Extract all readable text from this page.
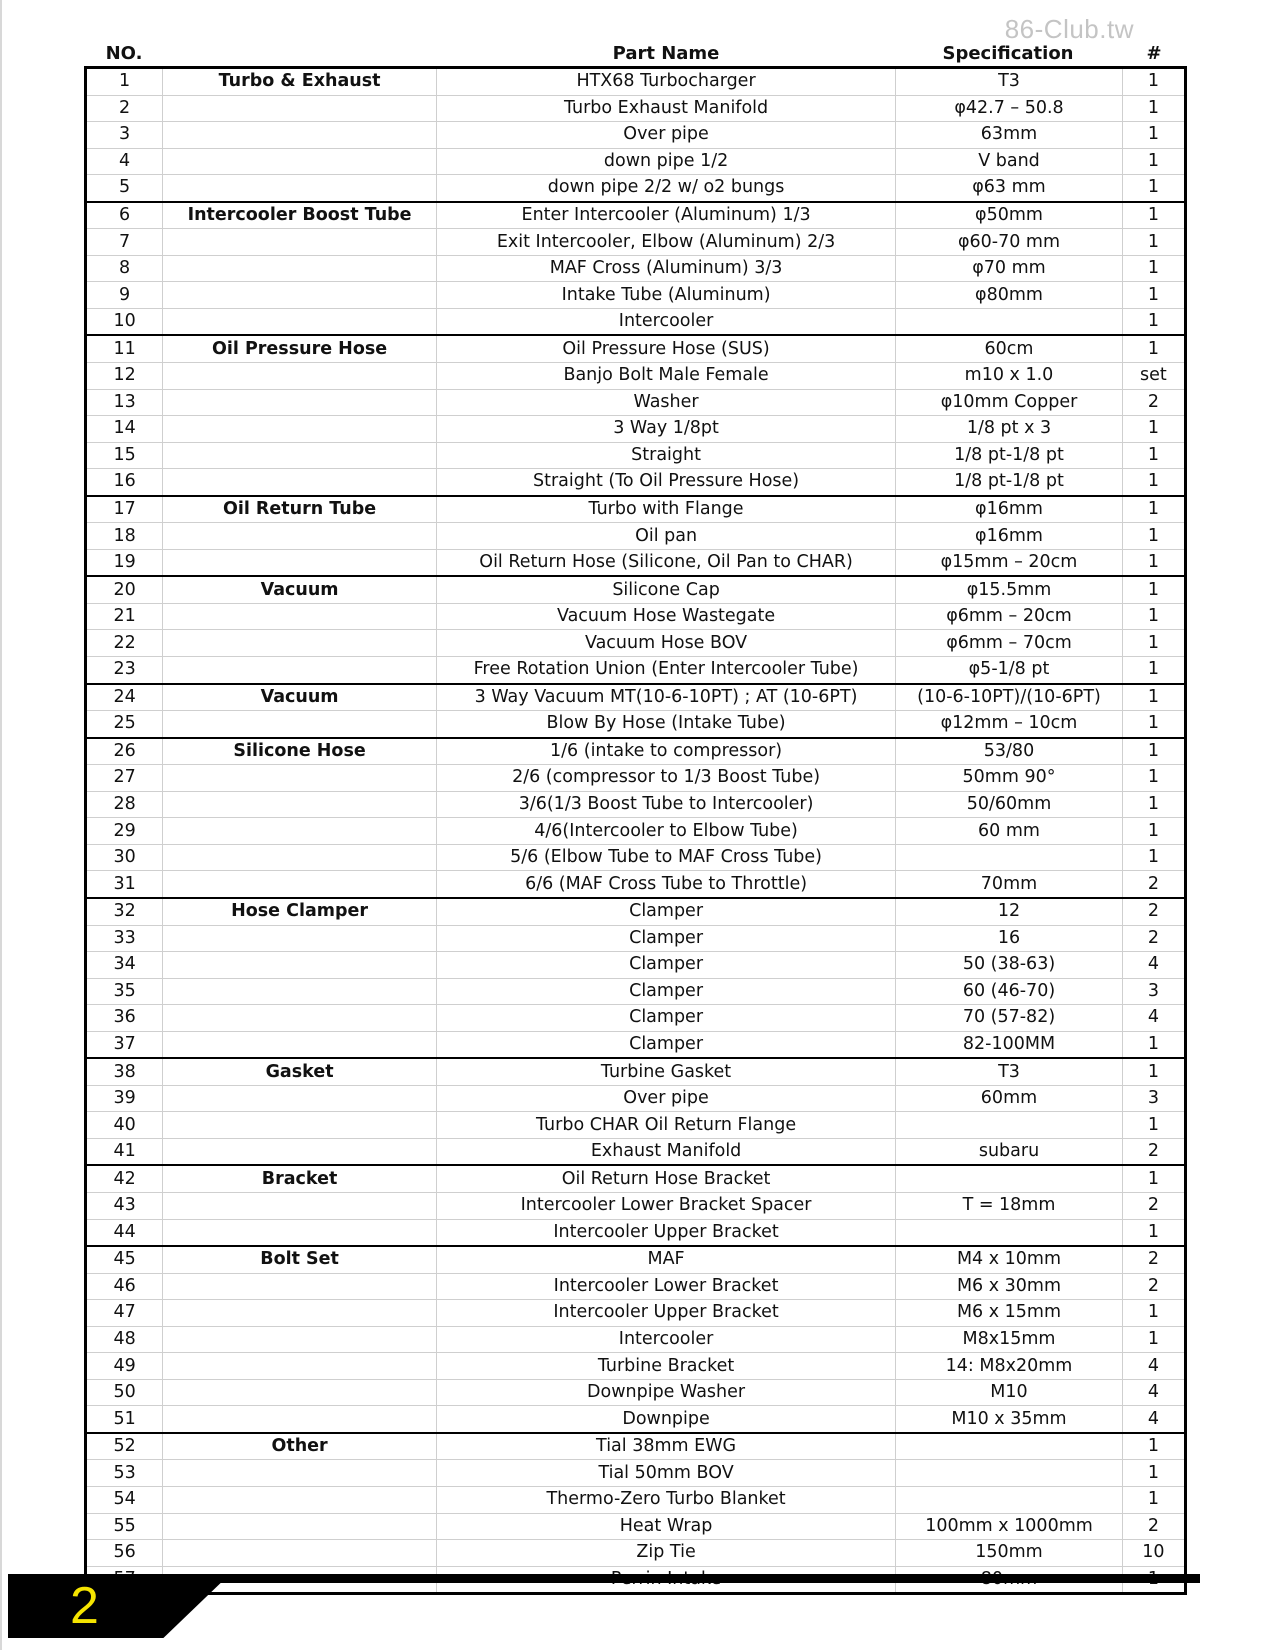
86-Club.tw
NO.	Part Name	Specification	#
1	Turbo & Exhaust	HTX68 Turbocharger	T3	1
2		Turbo Exhaust Manifold	φ42.7 – 50.8	1
3		Over pipe	63mm	1
4		down pipe 1/2	V band	1
5		down pipe 2/2 w/ o2 bungs	φ63 mm	1
6	Intercooler Boost Tube	Enter Intercooler (Aluminum) 1/3	φ50mm	1
7		Exit Intercooler, Elbow (Aluminum) 2/3	φ60-70 mm	1
8		MAF Cross (Aluminum) 3/3	φ70 mm	1
9		Intake Tube (Aluminum)	φ80mm	1
10		Intercooler		1
11	Oil Pressure Hose	Oil Pressure Hose (SUS)	60cm	1
12		Banjo Bolt Male Female	m10 x 1.0	set
13		Washer	φ10mm Copper	2
14		3 Way 1/8pt	1/8 pt x 3	1
15		Straight	1/8 pt-1/8 pt	1
16		Straight (To Oil Pressure Hose)	1/8 pt-1/8 pt	1
17	Oil Return Tube	Turbo with Flange	φ16mm	1
18		Oil pan	φ16mm	1
19		Oil Return Hose (Silicone, Oil Pan to CHAR)	φ15mm – 20cm	1
20	Vacuum	Silicone Cap	φ15.5mm	1
21		Vacuum Hose Wastegate	φ6mm – 20cm	1
22		Vacuum Hose BOV	φ6mm – 70cm	1
23		Free Rotation Union (Enter Intercooler Tube)	φ5-1/8 pt	1
24	Vacuum	3 Way Vacuum MT(10-6-10PT) ; AT (10-6PT)	(10-6-10PT)/(10-6PT)	1
25		Blow By Hose (Intake Tube)	φ12mm – 10cm	1
26	Silicone Hose	1/6 (intake to compressor)	53/80	1
27		2/6 (compressor to 1/3 Boost Tube)	50mm 90°	1
28		3/6(1/3 Boost Tube to Intercooler)	50/60mm	1
29		4/6(Intercooler to Elbow Tube)	60 mm	1
30		5/6 (Elbow Tube to MAF Cross Tube)		1
31		6/6 (MAF Cross Tube to Throttle)	70mm	2
32	Hose Clamper	Clamper	12	2
33		Clamper	16	2
34		Clamper	50 (38-63)	4
35		Clamper	60 (46-70)	3
36		Clamper	70 (57-82)	4
37		Clamper	82-100MM	1
38	Gasket	Turbine Gasket	T3	1
39		Over pipe	60mm	3
40		Turbo CHAR Oil Return Flange		1
41		Exhaust Manifold	subaru	2
42	Bracket	Oil Return Hose Bracket		1
43		Intercooler Lower Bracket Spacer	T = 18mm	2
44		Intercooler Upper Bracket		1
45	Bolt Set	MAF	M4 x 10mm	2
46		Intercooler Lower Bracket	M6 x 30mm	2
47		Intercooler Upper Bracket	M6 x 15mm	1
48		Intercooler	M8x15mm	1
49		Turbine Bracket	14: M8x20mm	4
50		Downpipe Washer	M10	4
51		Downpipe	M10 x 35mm	4
52	Other	Tial 38mm EWG		1
53		Tial 50mm BOV		1
54		Thermo-Zero Turbo Blanket		1
55		Heat Wrap	100mm x 1000mm	2
56		Zip Tie	150mm	10

2
